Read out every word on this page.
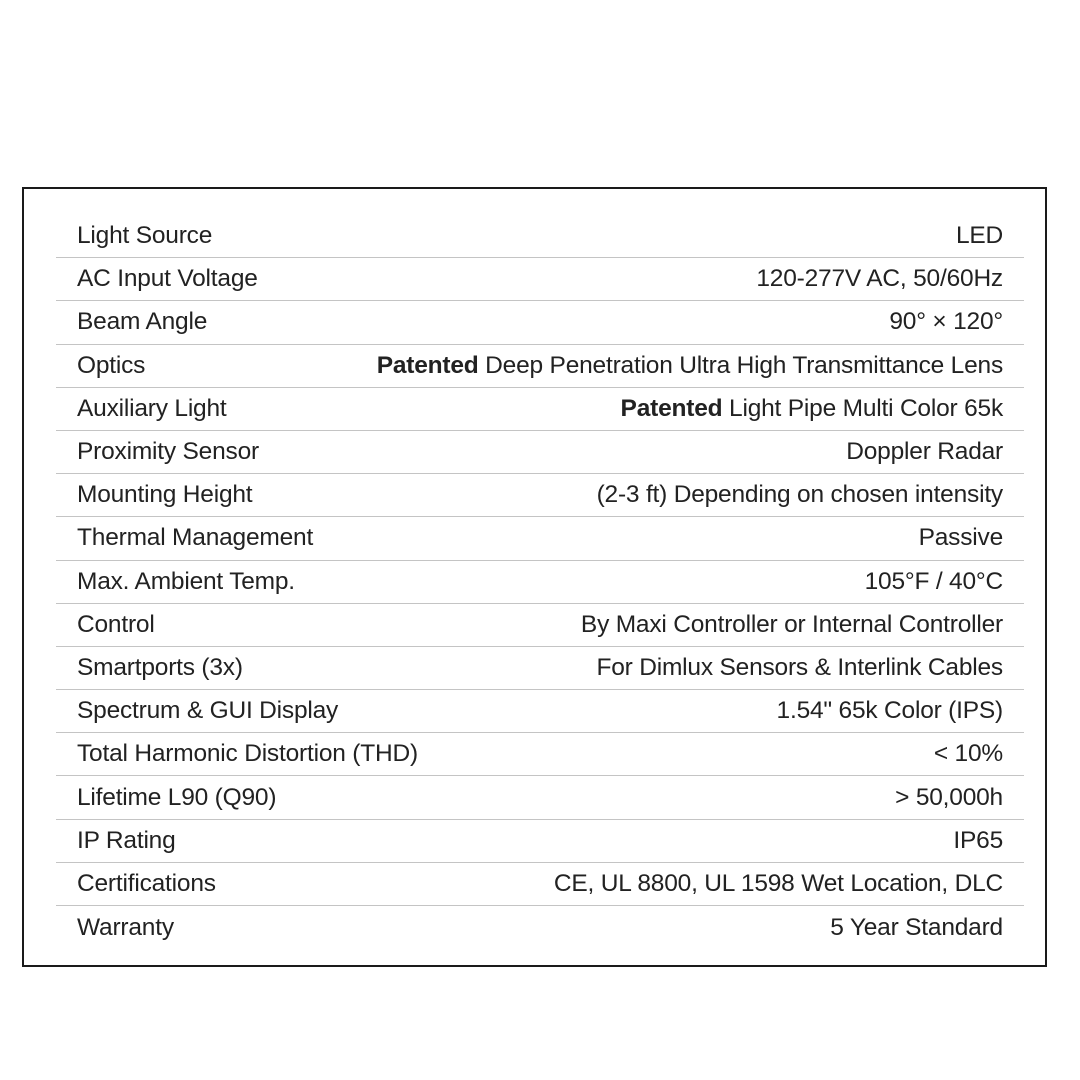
Light Source	LED
AC Input Voltage	120-277V AC, 50/60Hz
Beam Angle	90° × 120°
Optics	Patented Deep Penetration Ultra High Transmittance Lens
Auxiliary Light	Patented Light Pipe Multi Color 65k
Proximity Sensor	Doppler Radar
Mounting Height	(2-3 ft) Depending on chosen intensity
Thermal Management	Passive
Max. Ambient Temp.	105°F / 40°C
Control	By Maxi Controller or Internal Controller
Smartports (3x)	For Dimlux Sensors & Interlink Cables
Spectrum & GUI Display	1.54" 65k Color (IPS)
Total Harmonic Distortion (THD)	< 10%
Lifetime L90 (Q90)	> 50,000h
IP Rating	IP65
Certifications	CE, UL 8800, UL 1598 Wet Location, DLC
Warranty	5 Year Standard
